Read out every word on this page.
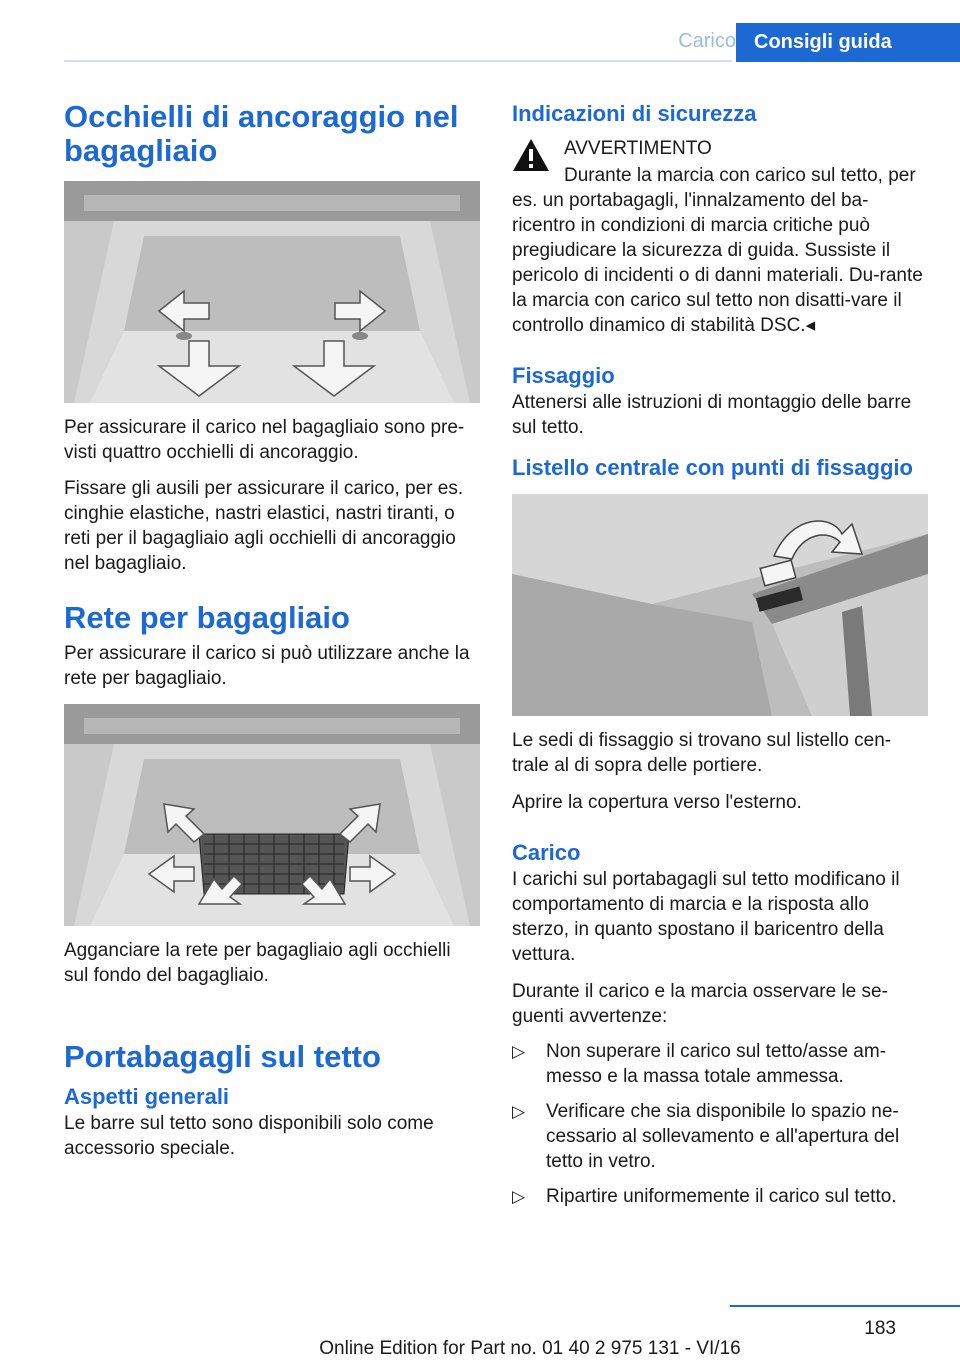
Carico Consigli guida
Occhielli di ancoraggio nel bagagliaio

Per assicurare il carico nel bagagliaio sono pre‐visti quattro occhielli di ancoraggio.

Fissare gli ausili per assicurare il carico, per es. cinghie elastiche, nastri elastici, nastri tiranti, o reti per il bagagliaio agli occhielli di ancoraggio nel bagagliaio.

Rete per bagagliaio

Per assicurare il carico si può utilizzare anche la rete per bagagliaio.

Agganciare la rete per bagagliaio agli occhielli sul fondo del bagagliaio.

Portabagagli sul tetto
Aspetti generali

Le barre sul tetto sono disponibili solo come accessorio speciale.

Indicazioni di sicurezza

AVVERTIMENTO

Durante la marcia con carico sul tetto, per es. un portabagagli, l'innalzamento del ba‐ricentro in condizioni di marcia critiche può pregiudicare la sicurezza di guida. Sussiste il pericolo di incidenti o di danni materiali. Du‐rante la marcia con carico sul tetto non disatti‐vare il controllo dinamico di stabilità DSC.◂

Fissaggio

Attenersi alle istruzioni di montaggio delle barre sul tetto.

Listello centrale con punti di fissaggio

Le sedi di fissaggio si trovano sul listello cen‐trale al di sopra delle portiere.

Aprire la copertura verso l'esterno.

Carico

I carichi sul portabagagli sul tetto modificano il comportamento di marcia e la risposta allo sterzo, in quanto spostano il baricentro della vettura.

Durante il carico e la marcia osservare le se‐guenti avvertenze:

▷ Non superare il carico sul tetto/asse am‐messo e la massa totale ammessa.
▷ Verificare che sia disponibile lo spazio ne‐cessario al sollevamento e all'apertura del tetto in vetro.
▷ Ripartire uniformemente il carico sul tetto.
183
Online Edition for Part no. 01 40 2 975 131 - VI/16
